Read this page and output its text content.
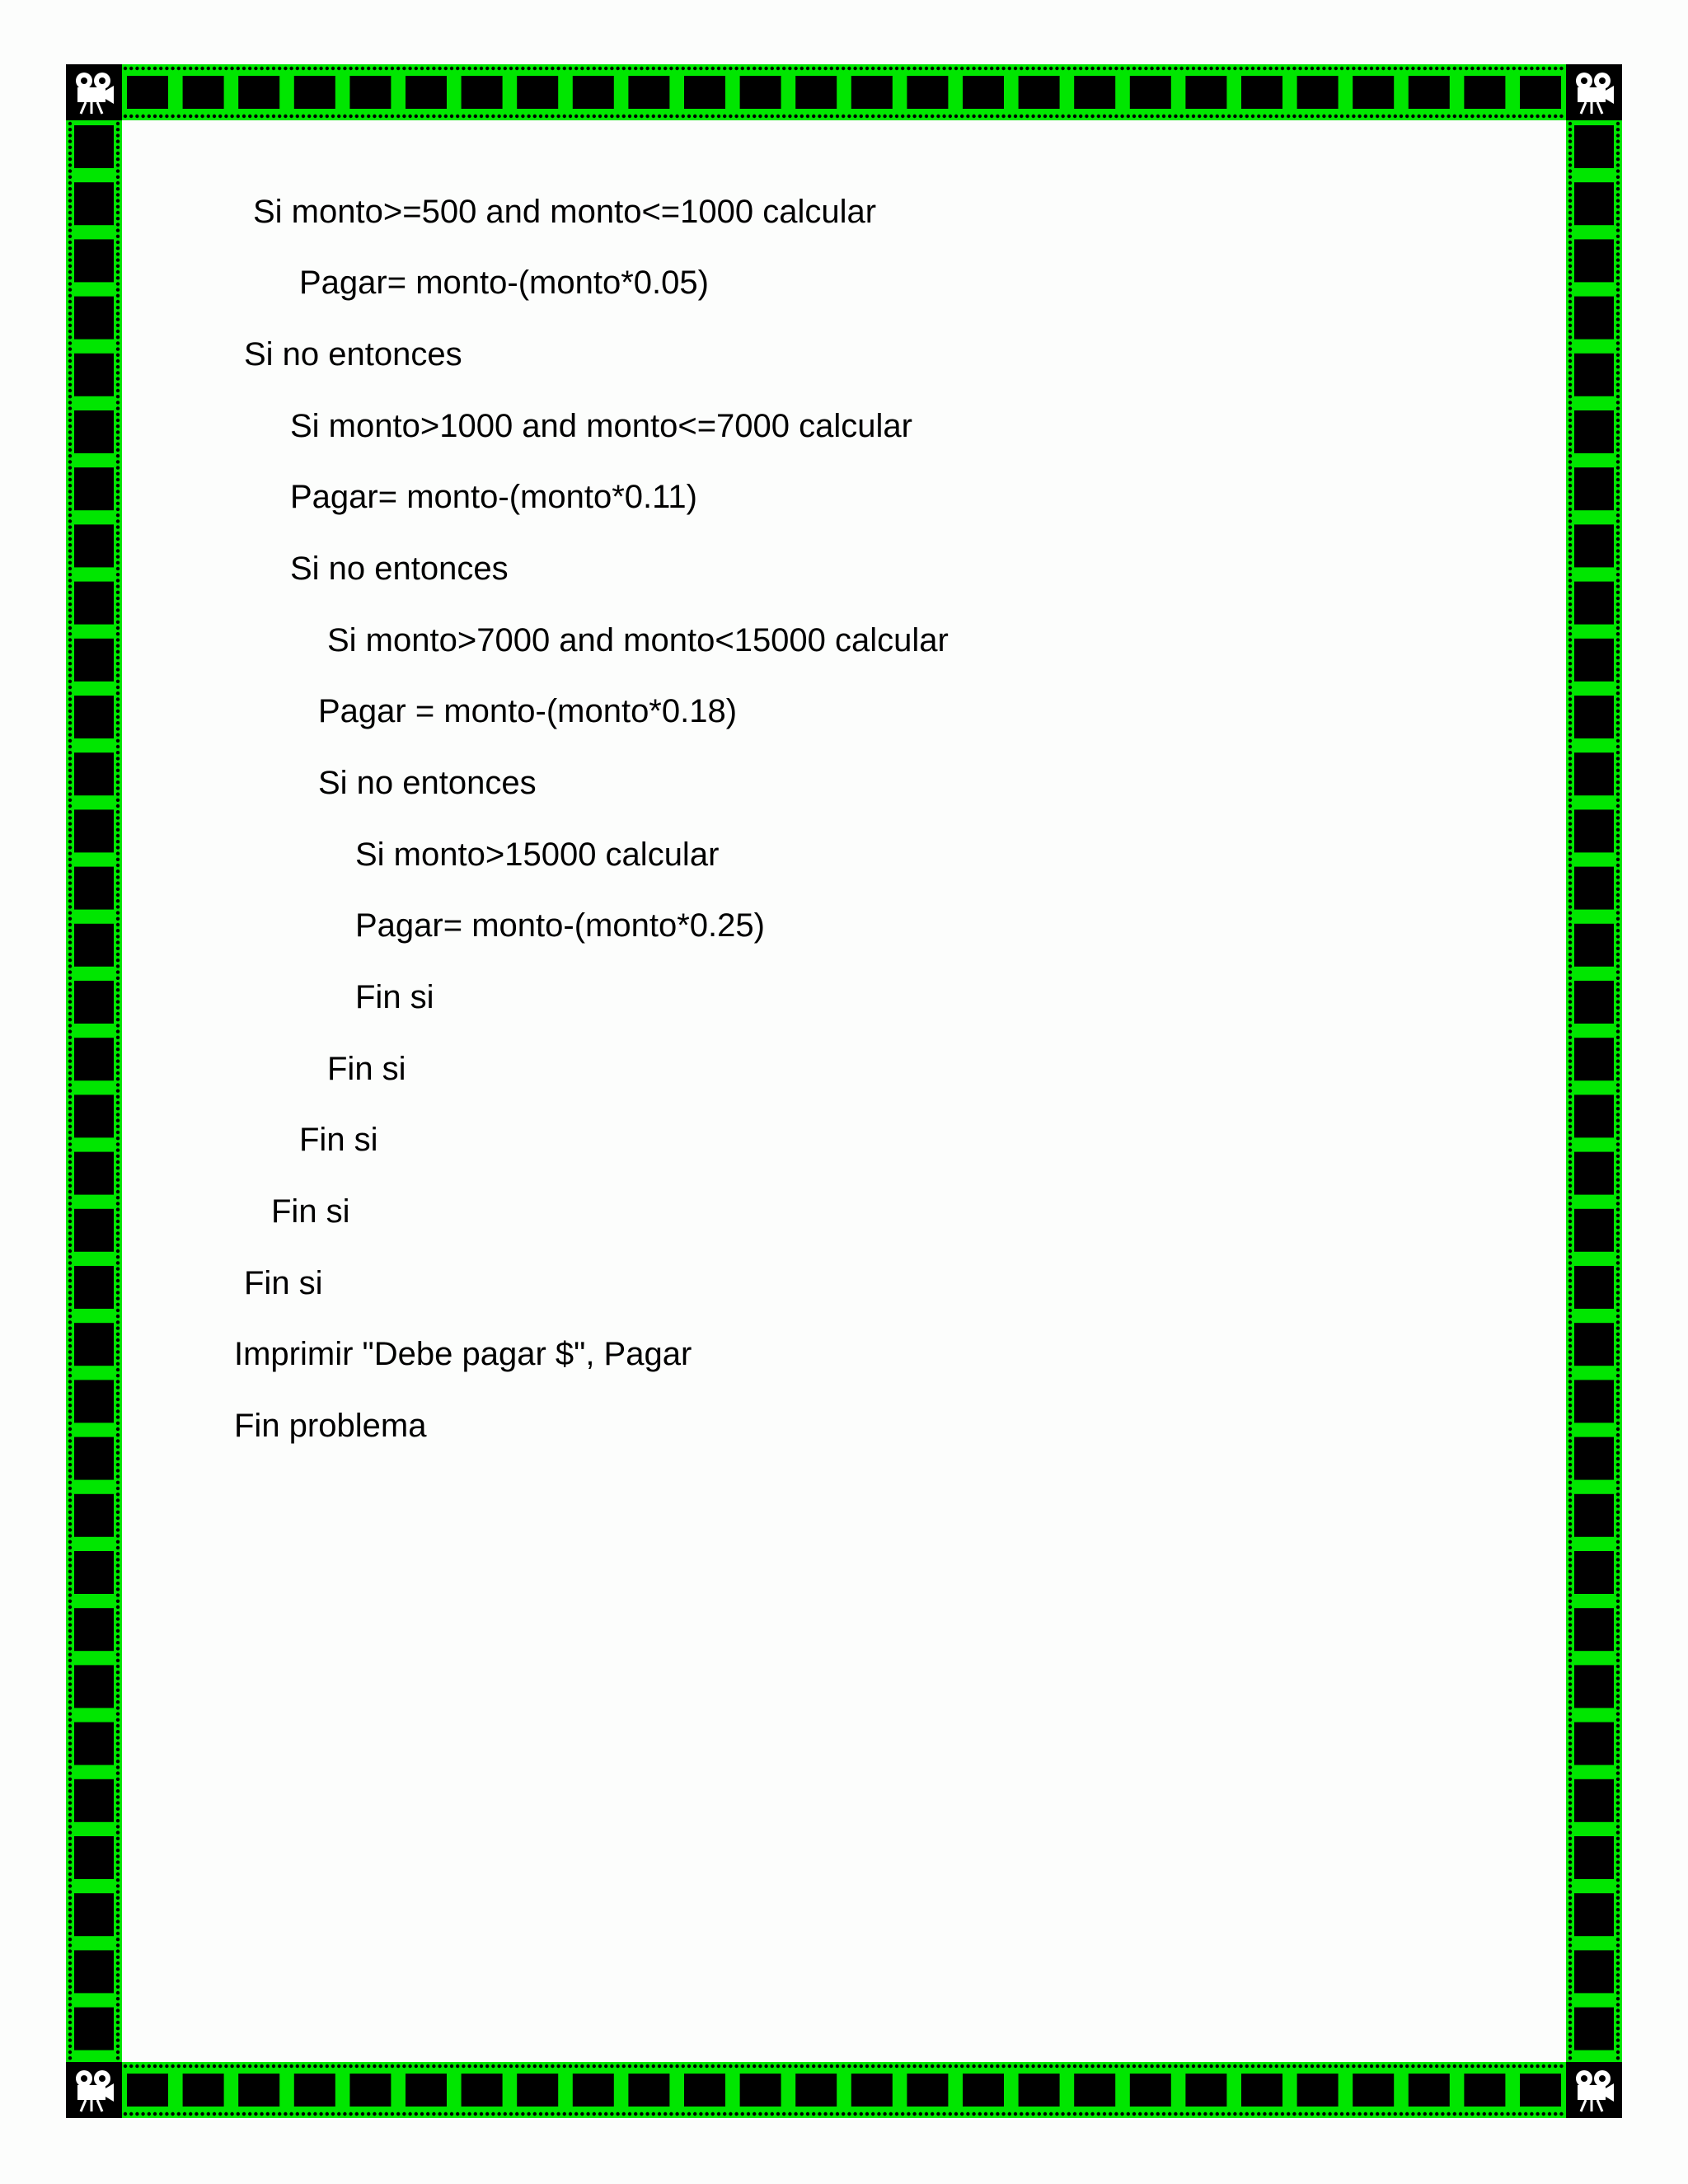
Si monto>=500 and monto<=1000 calcular

Pagar= monto-(monto*0.05)

Si no entonces

Si monto>1000 and monto<=7000 calcular

Pagar= monto-(monto*0.11)

Si no entonces

Si monto>7000 and monto<15000 calcular

Pagar = monto-(monto*0.18)

Si no entonces

Si monto>15000 calcular

Pagar= monto-(monto*0.25)

Fin si

Fin si

Fin si

Fin si

Fin si

Imprimir "Debe pagar $", Pagar

Fin problema
